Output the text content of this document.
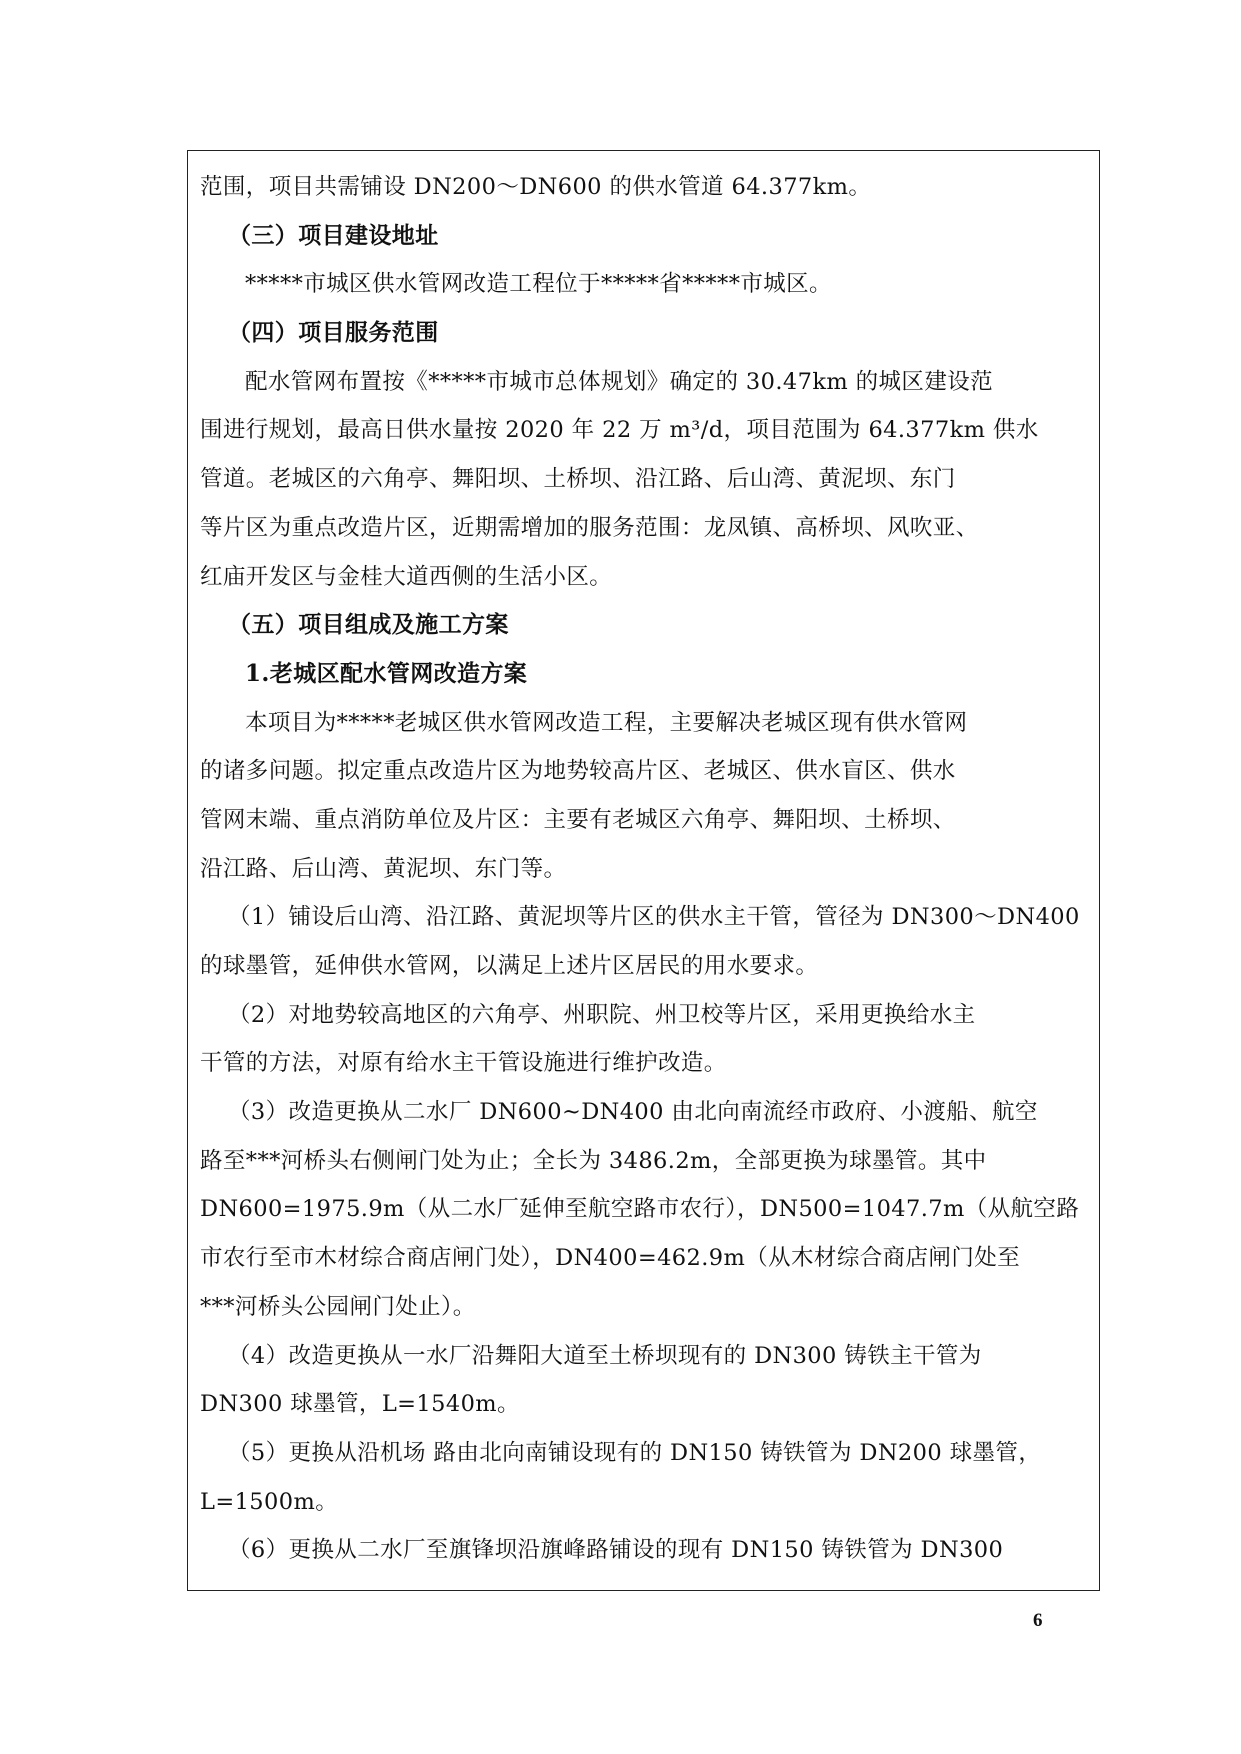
范围，项目共需铺设 DN200～DN600 的供水管道 64.377km。
（三）项目建设地址
*****市城区供水管网改造工程位于*****省*****市城区。
（四）项目服务范围
配水管网布置按《*****市城市总体规划》确定的 30.47km 的城区建设范
围进行规划，最高日供水量按 2020 年 22 万 m³/d，项目范围为 64.377km 供水
管道。老城区的六角亭、舞阳坝、土桥坝、沿江路、后山湾、黄泥坝、东门
等片区为重点改造片区，近期需增加的服务范围：龙凤镇、高桥坝、风吹亚、
红庙开发区与金桂大道西侧的生活小区。
（五）项目组成及施工方案
1.老城区配水管网改造方案
本项目为*****老城区供水管网改造工程，主要解决老城区现有供水管网
的诸多问题。拟定重点改造片区为地势较高片区、老城区、供水盲区、供水
管网末端、重点消防单位及片区：主要有老城区六角亭、舞阳坝、土桥坝、
沿江路、后山湾、黄泥坝、东门等。
（1）铺设后山湾、沿江路、黄泥坝等片区的供水主干管，管径为 DN300～DN400
的球墨管，延伸供水管网，以满足上述片区居民的用水要求。
（2）对地势较高地区的六角亭、州职院、州卫校等片区，采用更换给水主
干管的方法，对原有给水主干管设施进行维护改造。
（3）改造更换从二水厂 DN600~DN400 由北向南流经市政府、小渡船、航空
路至***河桥头右侧闸门处为止；全长为 3486.2m，全部更换为球墨管。其中
DN600=1975.9m（从二水厂延伸至航空路市农行），DN500=1047.7m（从航空路
市农行至市木材综合商店闸门处），DN400=462.9m（从木材综合商店闸门处至
***河桥头公园闸门处止）。
（4）改造更换从一水厂沿舞阳大道至土桥坝现有的 DN300 铸铁主干管为
DN300 球墨管，L=1540m。
（5）更换从沿机场 路由北向南铺设现有的 DN150 铸铁管为 DN200 球墨管，
L=1500m。
（6）更换从二水厂至旗锋坝沿旗峰路铺设的现有 DN150 铸铁管为 DN300
6
